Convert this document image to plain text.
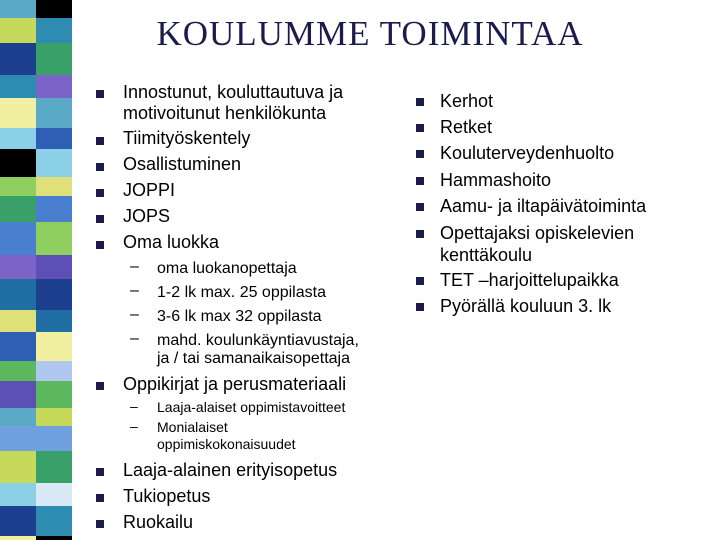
KOULUMME TOIMINTAA
Innostunut, kouluttautuva ja
motivoitunut henkilökunta
Tiimityöskentely
Osallistuminen
JOPPI
JOPS
Oma luokka
– oma luokanopettaja
– 1-2 lk max. 25 oppilasta
– 3-6 lk max 32 oppilasta
– mahd. koulunkäyntiavustaja,
ja / tai samanaikaisopettaja
Oppikirjat ja perusmateriaali
– Laaja-alaiset oppimistavoitteet
– Monialaiset
oppimiskokonaisuudet
Laaja-alainen erityisopetus
Tukiopetus
Ruokailu
Kerhot
Retket
Kouluterveydenhuolto
Hammashoito
Aamu- ja iltapäivätoiminta
Opettajaksi opiskelevien
kenttäkoulu
TET –harjoittelupaikka
Pyörällä kouluun 3. lk
